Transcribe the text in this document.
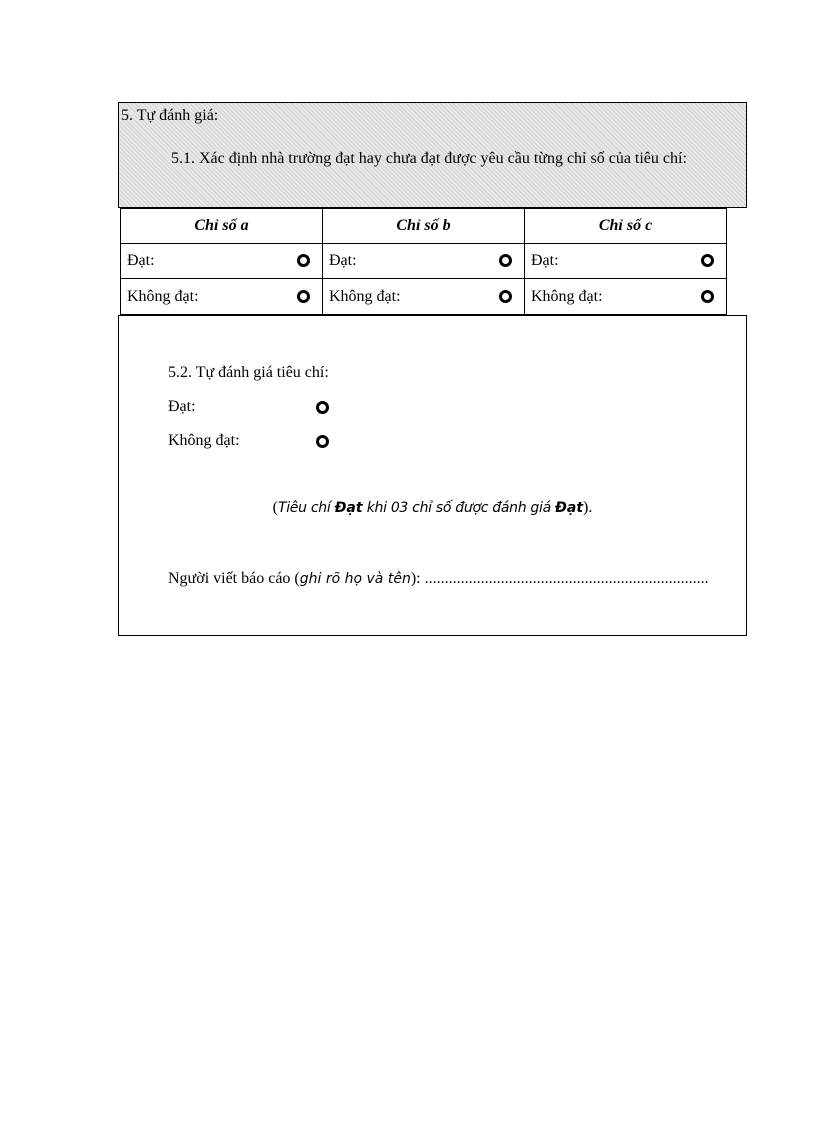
5. Tự đánh giá:

5.1. Xác định nhà trường đạt hay chưa đạt được yêu cầu từng chỉ số của tiêu chí:

Chỉ số a	Chỉ số b	Chỉ số c

Đạt:	Đạt:	Đạt:

Không đạt:	Không đạt:	Không đạt:
5.2. Tự đánh giá tiêu chí:
Đạt:
Không đạt:
(Tiêu chí Đạt khi 03 chỉ số được đánh giá Đạt).
Người viết báo cáo (ghi rõ họ và tên): .......................................................................
